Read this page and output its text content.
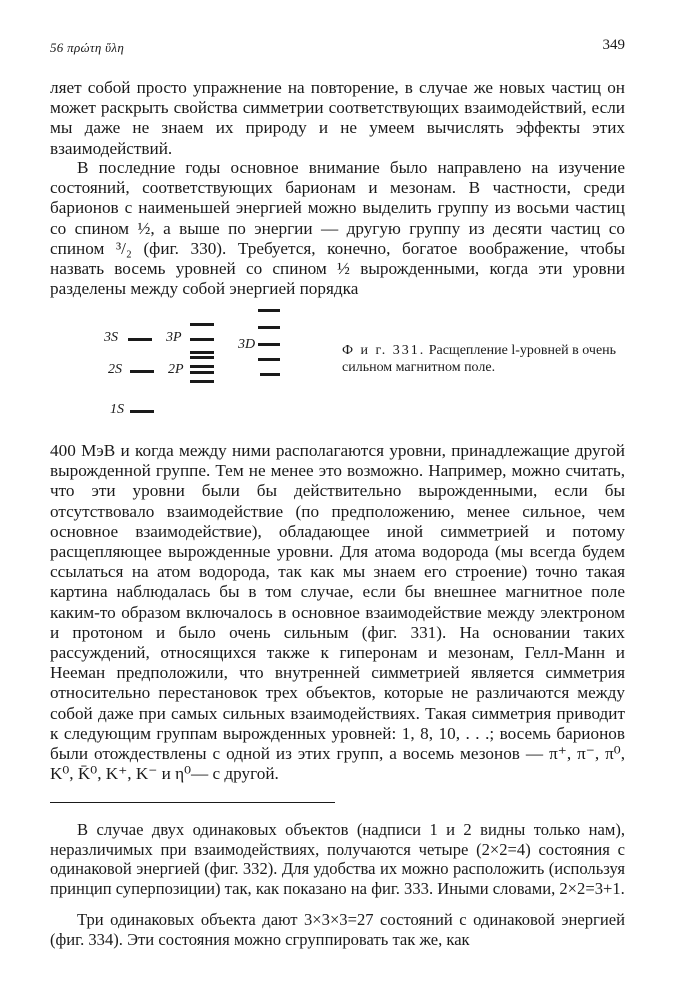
56 πρώτη ὕλη	349

ляет собой просто упражнение на повторение, в случае же новых частиц он может раскрыть свойства симметрии соответствующих взаимодействий, если мы даже не знаем их природу и не умеем вычислять эффекты этих взаимодействий.

В последние годы основное внимание было направлено на изучение состояний, соответствующих барионам и мезонам. В частности, среди барионов с наименьшей энергией можно выделить группу из восьми частиц со спином ½, а выше по энергии — другую группу из десяти частиц со спином ³/₂ (фиг. 330). Требуется, конечно, богатое воображение, чтобы назвать восемь уровней со спином ½ вырожденными, когда эти уровни разделены между собой энергией порядка

3S
2S
1S
3P
2P
3D	Ф и г. 331. Расщепление l-уровней в очень сильном магнитном поле.

400 МэВ и когда между ними располагаются уровни, принадлежащие другой вырожденной группе. Тем не менее это возможно. Например, можно считать, что эти уровни были бы действительно вырожденными, если бы отсутствовало взаимодействие (по предположению, менее сильное, чем основное взаимодействие), обладающее иной симметрией и потому расщепляющее вырожденные уровни. Для атома водорода (мы всегда будем ссылаться на атом водорода, так как мы знаем его строение) точно такая картина наблюдалась бы в том случае, если бы внешнее магнитное поле каким-то образом включалось в основное взаимодействие между электроном и протоном и было очень сильным (фиг. 331). На основании таких рассуждений, относящихся также к гиперонам и мезонам, Гелл-Манн и Нееман предположили, что внутренней симметрией является симметрия относительно перестановок трех объектов, которые не различаются между собой даже при самых сильных взаимодействиях. Такая симметрия приводит к следующим группам вырожденных уровней: 1, 8, 10, . . .; восемь барионов были отождествлены с одной из этих групп, а восемь мезонов — π⁺, π⁻, π⁰, K⁰, K̄⁰, K⁺, K⁻ и η⁰— с другой.

В случае двух одинаковых объектов (надписи 1 и 2 видны только нам), неразличимых при взаимодействиях, получаются четыре (2×2=4) состояния с одинаковой энергией (фиг. 332). Для удобства их можно расположить (используя принцип суперпозиции) так, как показано на фиг. 333. Иными словами, 2×2=3+1.

Три одинаковых объекта дают 3×3×3=27 состояний с одинаковой энергией (фиг. 334). Эти состояния можно сгруппировать так же, как
